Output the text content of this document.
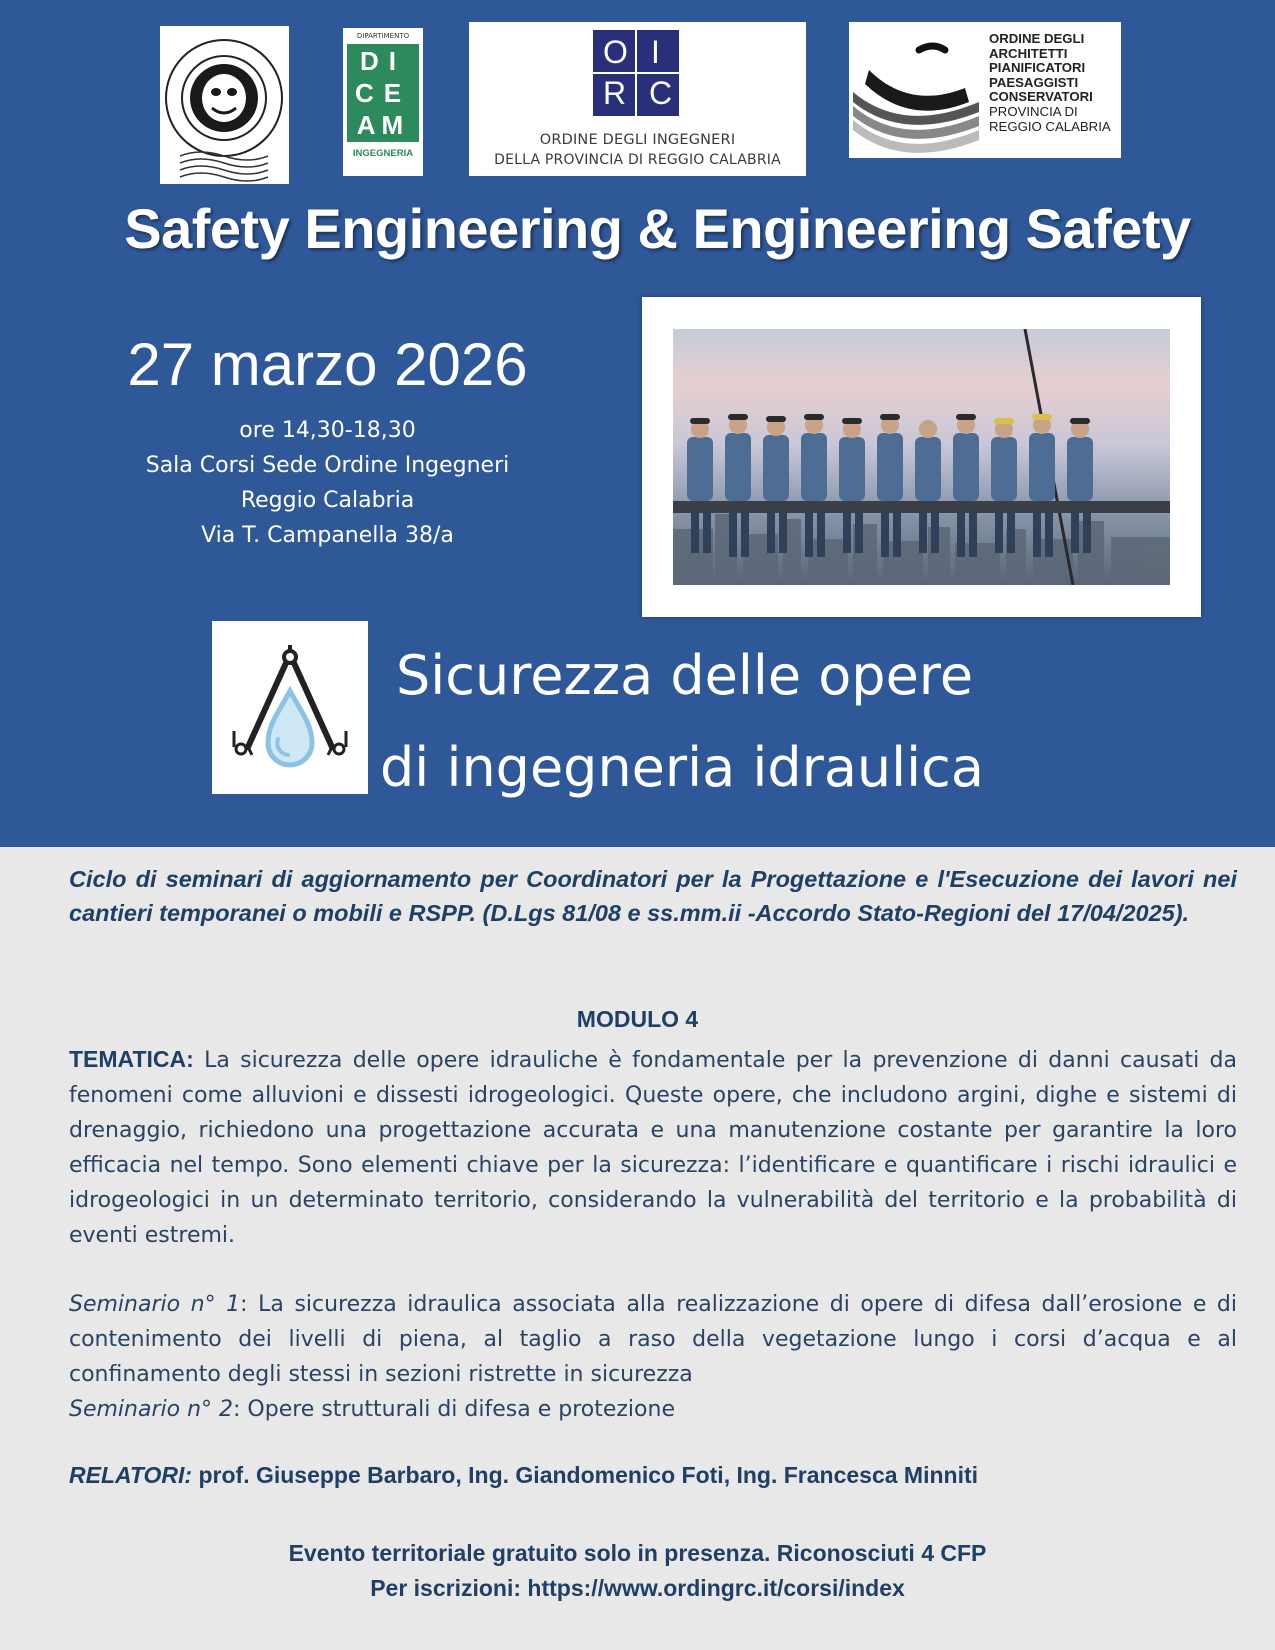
DIPARTIMENTO
DI
CE
AM
INGEGNERIA
O I
R C
ORDINE DEGLI INGEGNERI
DELLA PROVINCIA DI REGGIO CALABRIA
ORDINE DEGLI
ARCHITETTI
PIANIFICATORI
PAESAGGISTI
CONSERVATORI
PROVINCIA DI
REGGIO CALABRIA
Safety Engineering & Engineering Safety
27 marzo 2026
ore 14,30-18,30
Sala Corsi Sede Ordine Ingegneri
Reggio Calabria
Via T. Campanella 38/a
Sicurezza delle opere
di ingegneria idraulica
Ciclo di seminari di aggiornamento per Coordinatori per la Progettazione e l'Esecuzione dei lavori nei cantieri temporanei o mobili e RSPP. (D.Lgs 81/08 e ss.mm.ii -Accordo Stato-Regioni del 17/04/2025).
MODULO 4
TEMATICA: La sicurezza delle opere idrauliche è fondamentale per la prevenzione di danni causati da fenomeni come alluvioni e dissesti idrogeologici. Queste opere, che includono argini, dighe e sistemi di drenaggio, richiedono una progettazione accurata e una manutenzione costante per garantire la loro efficacia nel tempo. Sono elementi chiave per la sicurezza: l’identificare e quantificare i rischi idraulici e idrogeologici in un determinato territorio, considerando la vulnerabilità del territorio e la probabilità di eventi estremi.
Seminario n° 1: La sicurezza idraulica associata alla realizzazione di opere di difesa dall’erosione e di contenimento dei livelli di piena, al taglio a raso della vegetazione lungo i corsi d’acqua e al confinamento degli stessi in sezioni ristrette in sicurezza
Seminario n° 2: Opere strutturali di difesa e protezione
RELATORI: prof. Giuseppe Barbaro, Ing. Giandomenico Foti, Ing. Francesca Minniti
Evento territoriale gratuito solo in presenza. Riconosciuti 4 CFP
Per iscrizioni: https://www.ordingrc.it/corsi/index
